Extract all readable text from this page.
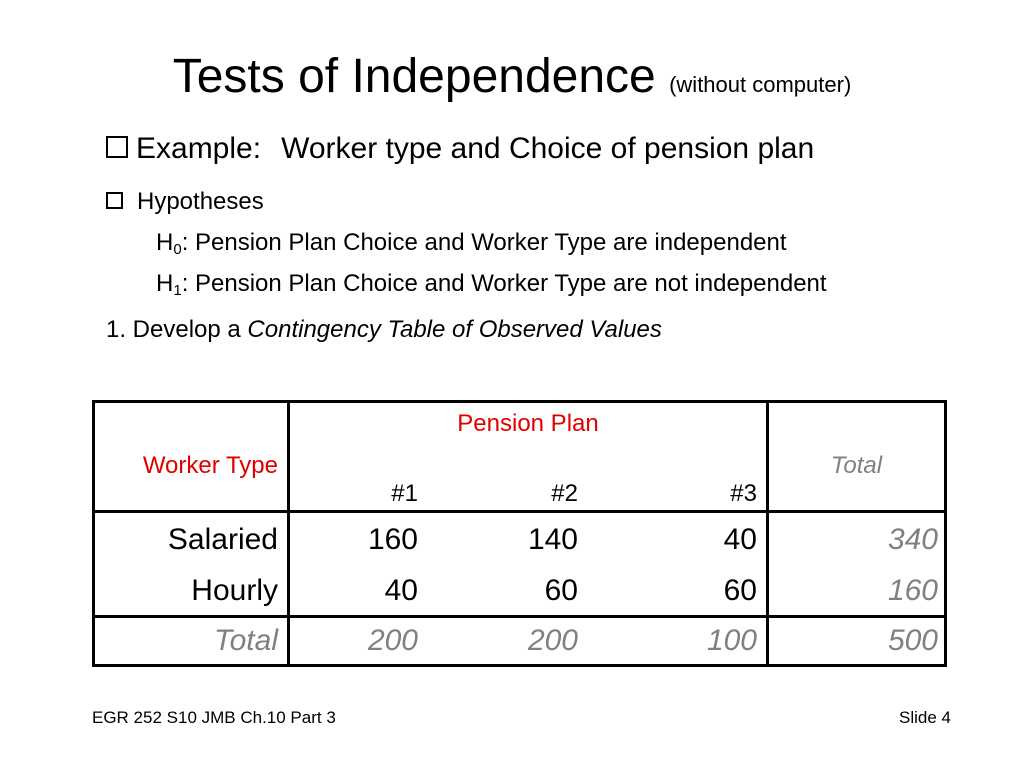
Tests of Independence (without computer)
Example: Worker type and Choice of pension plan
Hypotheses
$H_0$: Pension Plan Choice and Worker Type are independent
$H_1$: Pension Plan Choice and Worker Type are not independent
1. Develop a Contingency Table of Observed Values
Worker Type
Pension Plan
#1	#2	#3
Total
Salaried	160	140	40	340
Hourly	40	60	60	160
Total	200	200	100	500
EGR 252 S10 JMB Ch.10 Part 3	Slide 4
